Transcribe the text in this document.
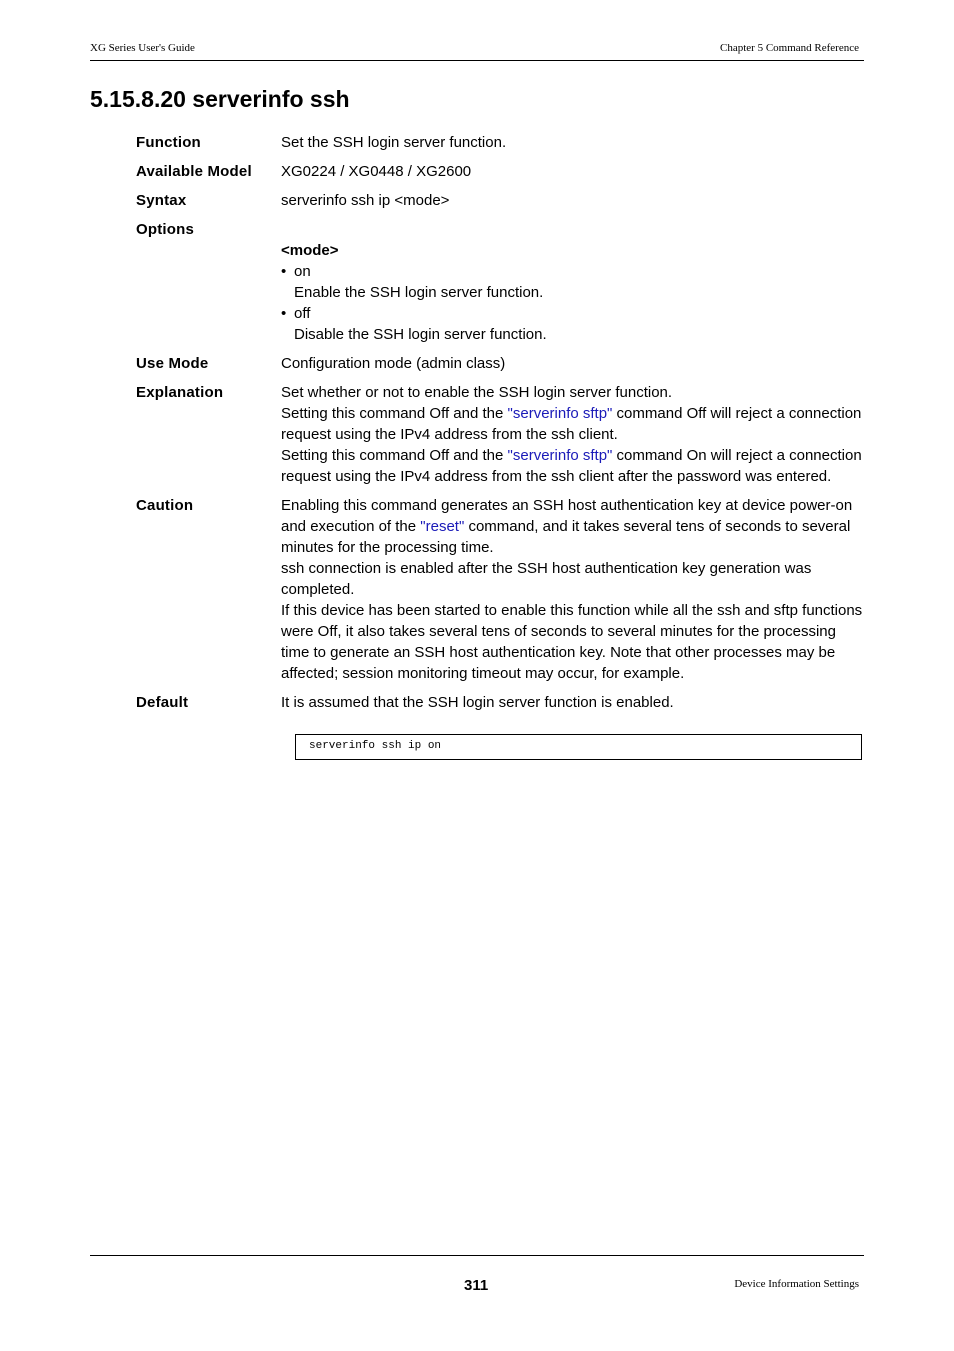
XG Series User's Guide	Chapter 5 Command Reference
5.15.8.20 serverinfo ssh
Function	Set the SSH login server function.
Available Model	XG0224 / XG0448 / XG2600
Syntax	serverinfo ssh ip <mode>
Options

<mode>

• on

Enable the SSH login server function.

• off

Disable the SSH login server function.

Use Mode	Configuration mode (admin class)
Explanation	Set whether or not to enable the SSH login server function.

Setting this command Off and the "serverinfo sftp" command Off will reject a connection request using the IPv4 address from the ssh client.

Setting this command Off and the "serverinfo sftp" command On will reject a connection request using the IPv4 address from the ssh client after the password was entered.

Caution	Enabling this command generates an SSH host authentication key at device power-on and execution of the "reset" command, and it takes several tens of seconds to several minutes for the processing time.

ssh connection is enabled after the SSH host authentication key generation was completed.

If this device has been started to enable this function while all the ssh and sftp functions were Off, it also takes several tens of seconds to several minutes for the processing time to generate an SSH host authentication key. Note that other processes may be affected; session monitoring timeout may occur, for example.

Default	It is assumed that the SSH login server function is enabled.
serverinfo ssh ip on
311	Device Information Settings
